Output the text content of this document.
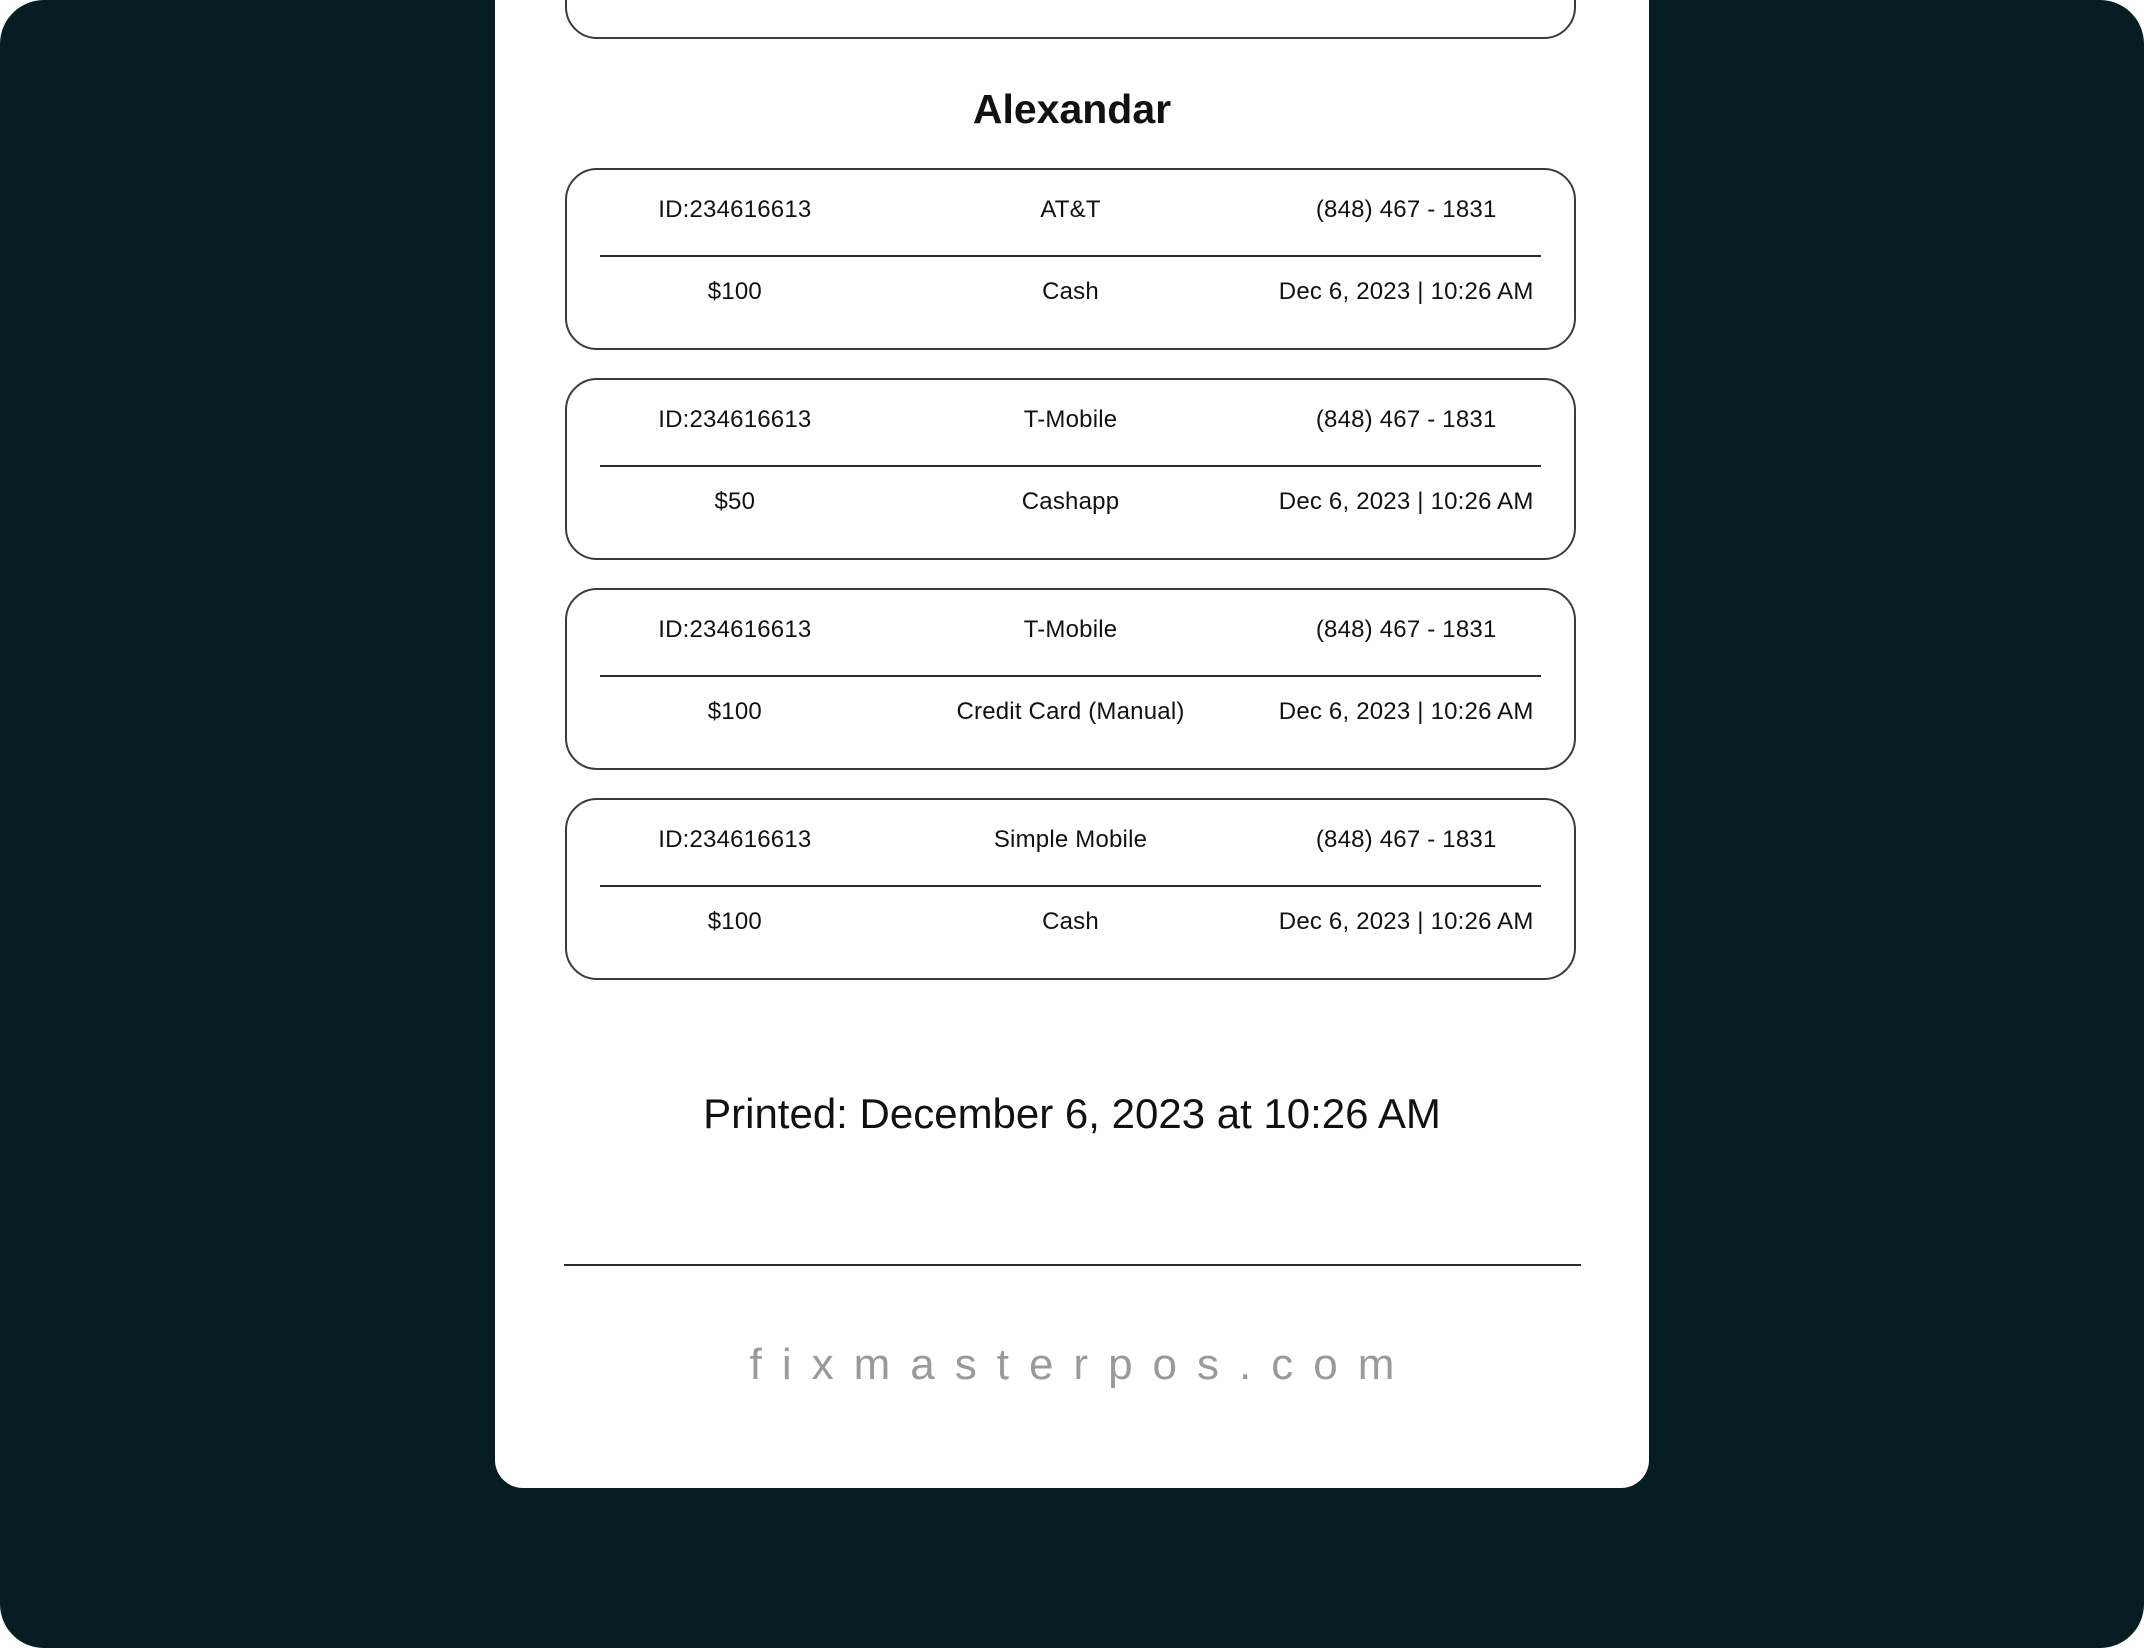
Alexandar
ID:234616613	AT&T	(848) 467 - 1831
$100	Cash	Dec 6, 2023 | 10:26 AM
ID:234616613	T-Mobile	(848) 467 - 1831
$50	Cashapp	Dec 6, 2023 | 10:26 AM
ID:234616613	T-Mobile	(848) 467 - 1831
$100	Credit Card (Manual)	Dec 6, 2023 | 10:26 AM
ID:234616613	Simple Mobile	(848) 467 - 1831
$100	Cash	Dec 6, 2023 | 10:26 AM
Printed: December 6, 2023 at 10:26 AM
fixmasterpos.com
